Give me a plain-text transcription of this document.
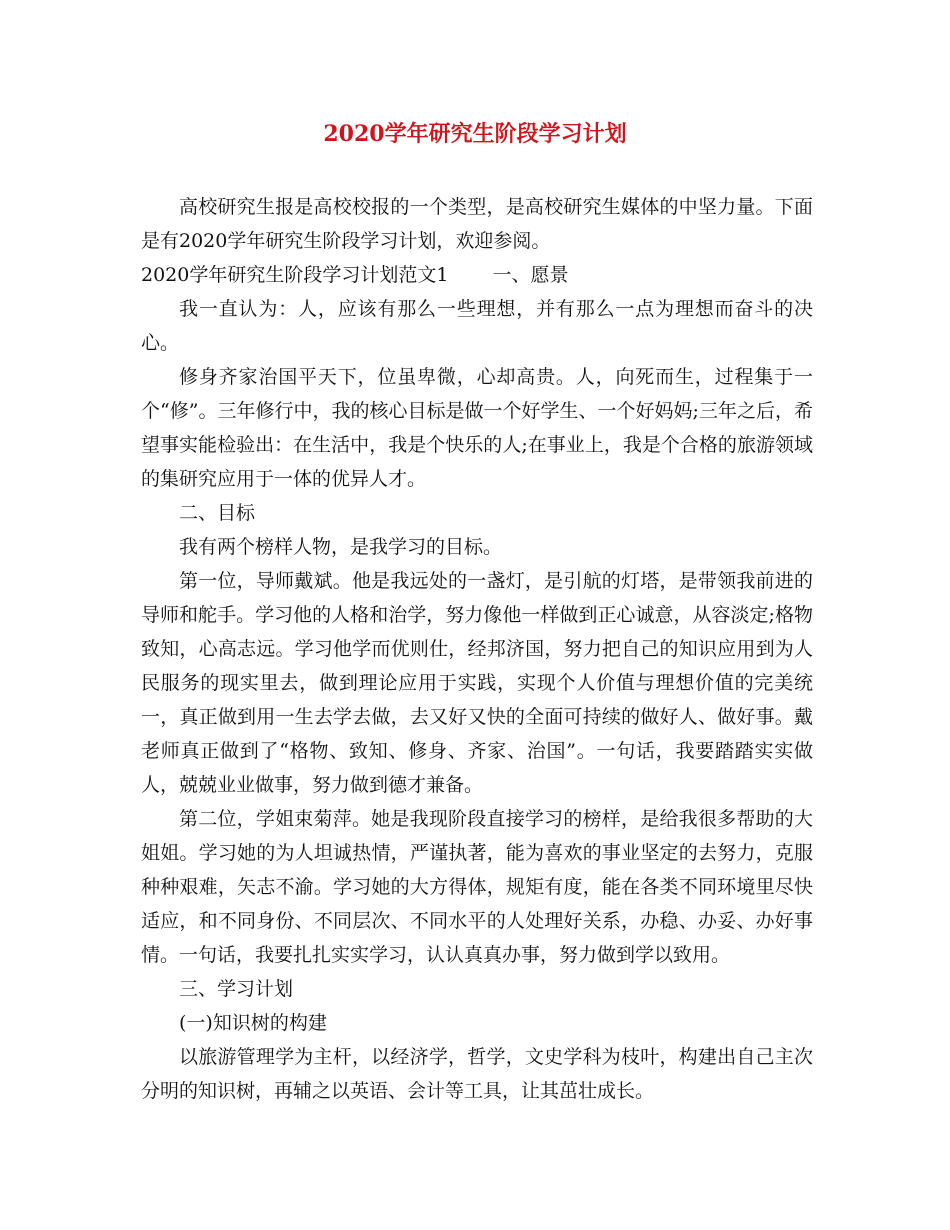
2020学年研究生阶段学习计划

高校研究生报是高校校报的一个类型，是高校研究生媒体的中坚力量。下面是有2020学年研究生阶段学习计划，欢迎参阅。

2020学年研究生阶段学习计划范文1 一、愿景

我一直认为：人，应该有那么一些理想，并有那么一点为理想而奋斗的决心。

修身齐家治国平天下，位虽卑微，心却高贵。人，向死而生，过程集于一个“修”。三年修行中，我的核心目标是做一个好学生、一个好妈妈;三年之后，希望事实能检验出：在生活中，我是个快乐的人;在事业上，我是个合格的旅游领域的集研究应用于一体的优异人才。

二、目标

我有两个榜样人物，是我学习的目标。

第一位，导师戴斌。他是我远处的一盏灯，是引航的灯塔，是带领我前进的导师和舵手。学习他的人格和治学，努力像他一样做到正心诚意，从容淡定;格物致知，心高志远。学习他学而优则仕，经邦济国，努力把自己的知识应用到为人民服务的现实里去，做到理论应用于实践，实现个人价值与理想价值的完美统一，真正做到用一生去学去做，去又好又快的全面可持续的做好人、做好事。戴老师真正做到了“格物、致知、修身、齐家、治国”。一句话，我要踏踏实实做人，兢兢业业做事，努力做到德才兼备。

第二位，学姐束菊萍。她是我现阶段直接学习的榜样，是给我很多帮助的大姐姐。学习她的为人坦诚热情，严谨执著，能为喜欢的事业坚定的去努力，克服种种艰难，矢志不渝。学习她的大方得体，规矩有度，能在各类不同环境里尽快适应，和不同身份、不同层次、不同水平的人处理好关系，办稳、办妥、办好事情。一句话，我要扎扎实实学习，认认真真办事，努力做到学以致用。

三、学习计划

(一)知识树的构建

以旅游管理学为主杆，以经济学，哲学，文史学科为枝叶，构建出自己主次分明的知识树，再辅之以英语、会计等工具，让其茁壮成长。
